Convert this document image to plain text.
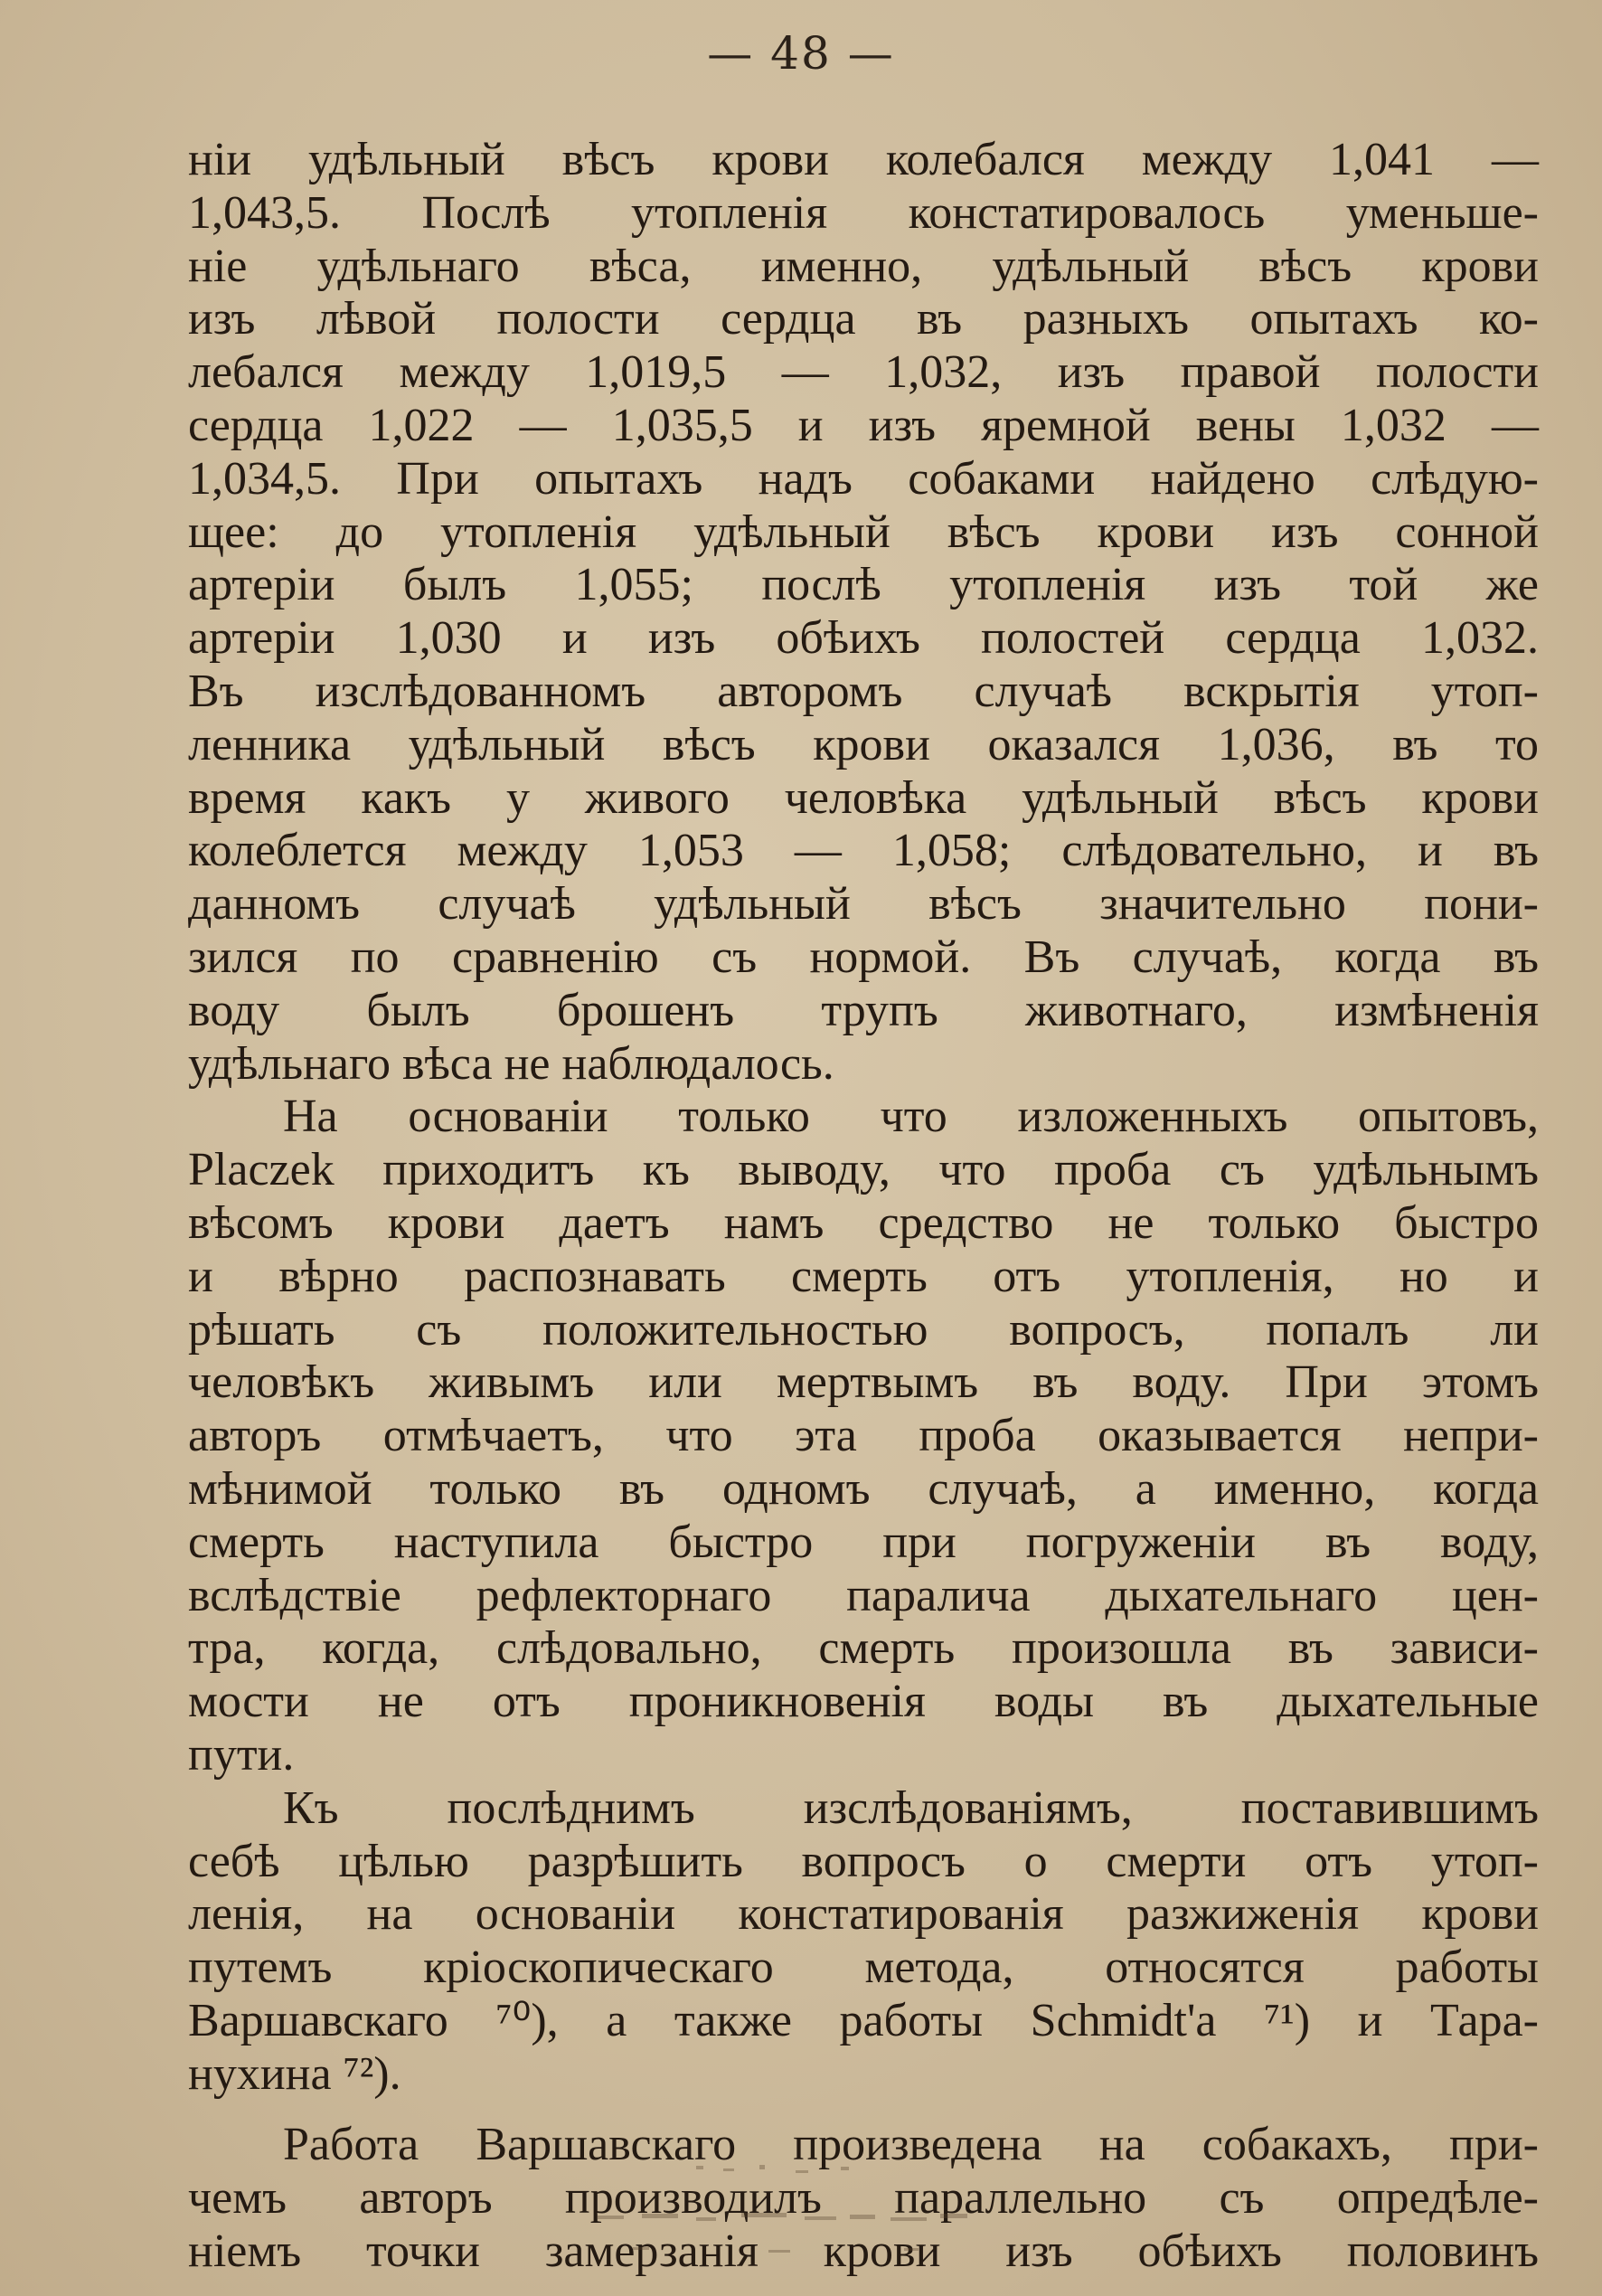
— 48 —
ніи удѣльный вѣсъ крови колебался между 1,041 —
1,043,5. Послѣ утопленія констатировалось уменьше-
ніе удѣльнаго вѣса, именно, удѣльный вѣсъ крови
изъ лѣвой полости сердца въ разныхъ опытахъ ко-
лебался между 1,019,5 — 1,032, изъ правой полости
сердца 1,022 — 1,035,5 и изъ яремной вены 1,032 —
1,034,5. При опытахъ надъ собаками найдено слѣдую-
щее: до утопленія удѣльный вѣсъ крови изъ сонной
артеріи былъ 1,055; послѣ утопленія изъ той же
артеріи 1,030 и изъ обѣихъ полостей сердца 1,032.
Въ изслѣдованномъ авторомъ случаѣ вскрытія утоп-
ленника удѣльный вѣсъ крови оказался 1,036, въ то
время какъ у живого человѣка удѣльный вѣсъ крови
колеблется между 1,053 — 1,058; слѣдовательно, и въ
данномъ случаѣ удѣльный вѣсъ значительно пони-
зился по сравненію съ нормой. Въ случаѣ, когда въ
воду былъ брошенъ трупъ животнаго, измѣненія
удѣльнаго вѣса не наблюдалось.
На основаніи только что изложенныхъ опытовъ,
Placzek приходитъ къ выводу, что проба съ удѣльнымъ
вѣсомъ крови даетъ намъ средство не только быстро
и вѣрно распознавать смерть отъ утопленія, но и
рѣшать съ положительностью вопросъ, попалъ ли
человѣкъ живымъ или мертвымъ въ воду. При этомъ
авторъ отмѣчаетъ, что эта проба оказывается непри-
мѣнимой только въ одномъ случаѣ, а именно, когда
смерть наступила быстро при погруженіи въ воду,
вслѣдствіе рефлекторнаго паралича дыхательнаго цен-
тра, когда, слѣдовально, смерть произошла въ зависи-
мости не отъ проникновенія воды въ дыхательные
пути.
Къ послѣднимъ изслѣдованіямъ, поставившимъ
себѣ цѣлью разрѣшить вопросъ о смерти отъ утоп-
ленія, на основаніи констатированія разжиженія крови
путемъ кріоскопическаго метода, относятся работы
Варшавскаго ⁷⁰), а также работы Schmidt'a ⁷¹) и Тара-
нухина ⁷²).
Работа Варшавскаго произведена на собакахъ, при-
чемъ авторъ производилъ параллельно съ опредѣле-
ніемъ точки замерзанія крови изъ обѣихъ половинъ
